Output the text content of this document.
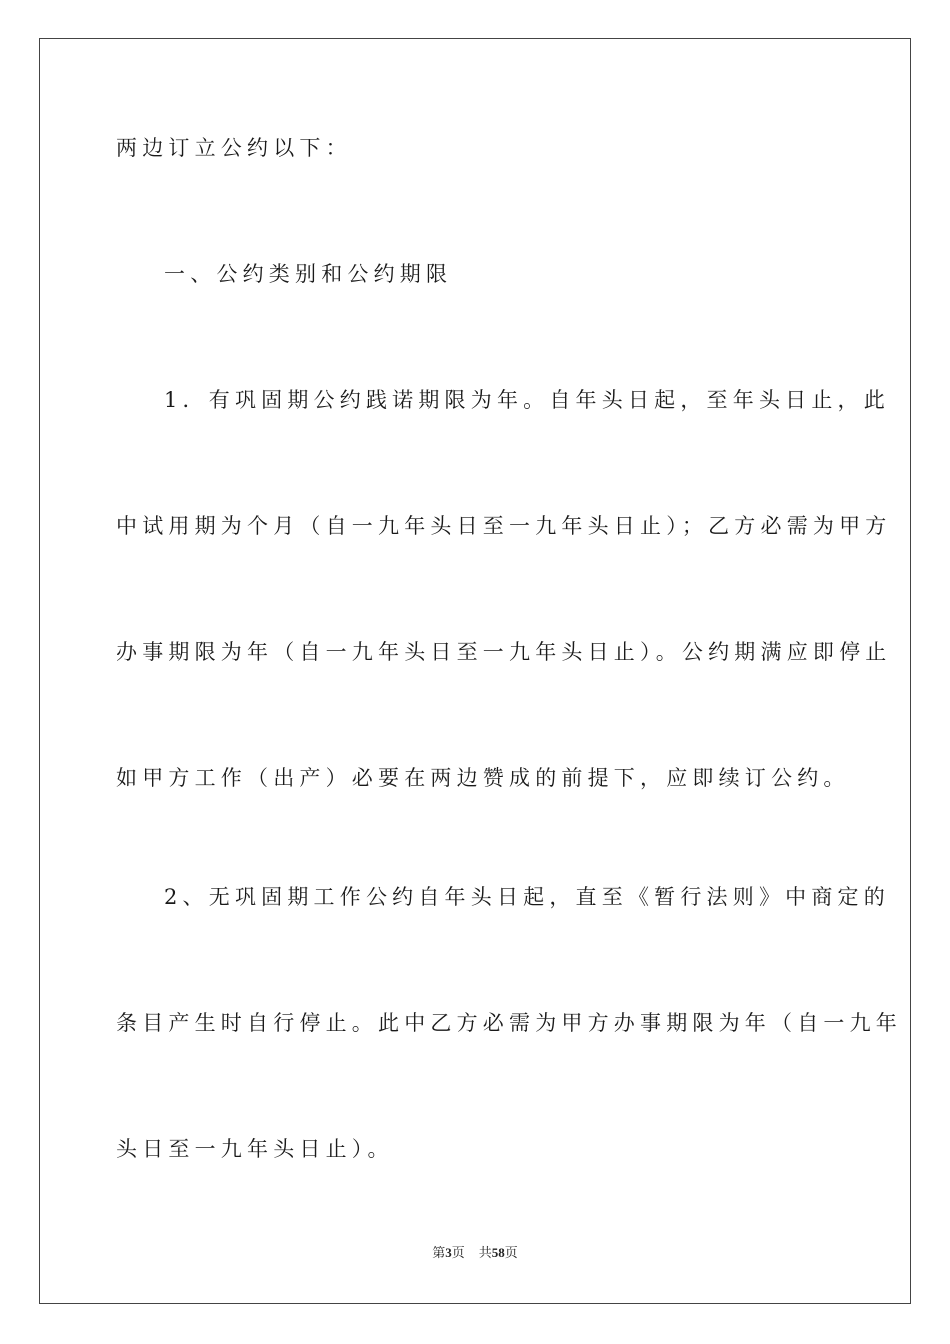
两边订立公约以下：
一、公约类别和公约期限
1．有巩固期公约践诺期限为年。自年头日起，至年头日止，此
中试用期为个月（自一九年头日至一九年头日止）；乙方必需为甲方
办事期限为年（自一九年头日至一九年头日止）。公约期满应即停止
如甲方工作（出产）必要在两边赞成的前提下，应即续订公约。
2、无巩固期工作公约自年头日起，直至《暂行法则》中商定的
条目产生时自行停止。此中乙方必需为甲方办事期限为年（自一九年
头日至一九年头日止）。
第3页 共58页
